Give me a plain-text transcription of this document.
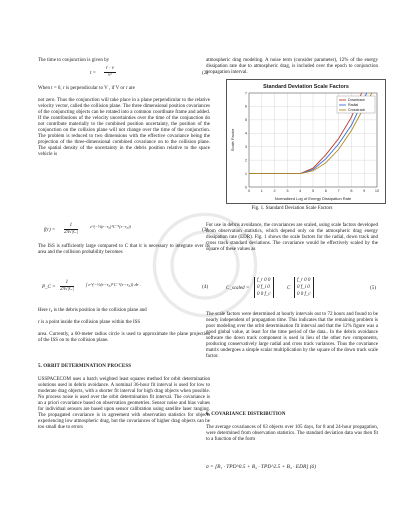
The time to conjunction is given by

$t = \frac{r \cdot v}{\text{v²}}$	(2)

When t = 0, r is perpendicular to V , if V or r are

not zero. Thus the conjunction will take place in a plane perpendicular to the relative velocity vector, called the collision plane. The three dimensional position covariances of the conjuncting objects can be rotated into a common coordinate frame and added. If the contributions of the velocity uncertainties over the time of the conjunction do not contribute materially to the combined position uncertainty, the position of the conjunction on the collision plane will not change over the time of the conjunction. The problem is reduced to two dimensions with the effective covariance being the projection of the three-dimensional combined covariance on to the collision plane. The spatial density of the uncertainty in the debris position relative to the space vehicle is

$f(r) = \frac{1}{2\pi√|C|}$	e^(−½(r−r₀)ᵀC⁻¹(r−r₀))
(3)

The ISS is sufficiently large compared to C that it is necessary to integrate over its area and the collision probability becomes

P_C = $\frac{1}{2\pi√|C|}$	∫ e^(−½(r−r₀)ᵀC⁻¹(r−r₀)) dr .
(4)

Here r₀ is the debris position in the collision plane and

r is a point inside the collision plane within the ISS

area. Currently, a 60-meter radius circle is used to approximate the plane projection of the ISS on to the collision plane.

5. ORBIT DETERMINATION PROCESS

USSPACECOM uses a batch weighted least squares method for orbit determination solutions used in debris avoidance. A nominal 36-hour fit interval is used for low to moderate drag objects, with a shorter fit interval for high drag objects when possible. No process noise is used over the orbit determination fit interval. The covariance is an a priori covariance based on observation geometries. Sensor noise and bias values for individual sensors are based upon sensor calibration using satellite laser ranging. The propagated covariance is in agreement with observation statistics for objects experiencing low atmospheric drag, but the covariances of higher drag objects can be too small due to errors

atmospheric drag modeling. A noise term (consider parameter), 12% of the energy dissipation rate due to atmospheric drag, is included over the epoch to conjunction propagation interval.

Fig. 1. Standard Deviation Scale Factors

For use in debris avoidance, the covariances are scaled, using scale factors developed from observation statistics, which depend only on the atmospheric drag energy dissipation rate (EDR). Fig. 1 shows the scale factors for the radial, down track and cross track standard deviations. The covariance would be effectively scaled by the square of these values as

C_scaled =
f_r 0 0
0 f_i 0
0 0 f_c
C
f_r 0 0
0 f_i 0
0 0 f_c
(5)

The scale factors were determined at hourly intervals out to 72 hours and found to be nearly independent of propagation time. This indicates that the remaining problem is poor modeling over the orbit determination fit interval and that the 12% figure was a good global value, at least for the time period of the data.. In the debris avoidance software the down track component is used in lieu of the other two components, producing conservatively large radial and cross track variances. Thus the covariance matrix undergoes a simple scalar multiplication by the square of the down track scale factor.

6. COVARIANCE DISTRIBUTION

The average covariances of 63 objects over 105 days, for 8 and 24-hour propagation, were determined from observation statistics. The standard deviation data was then fit to a function of the form

σ = [B₁ · TPD^0.5 + B₂ · TPD^2.5 + B₃ · EDR] (6)

Standard Deviation Scale Factors
Normalized Log of Energy Dissipation Rate
Scale Factor
0	1	2	3	4	5	6	7	8	9	10
0
1
2
3
4
5
6
7
Downtrack
Radial
Crosstrack
